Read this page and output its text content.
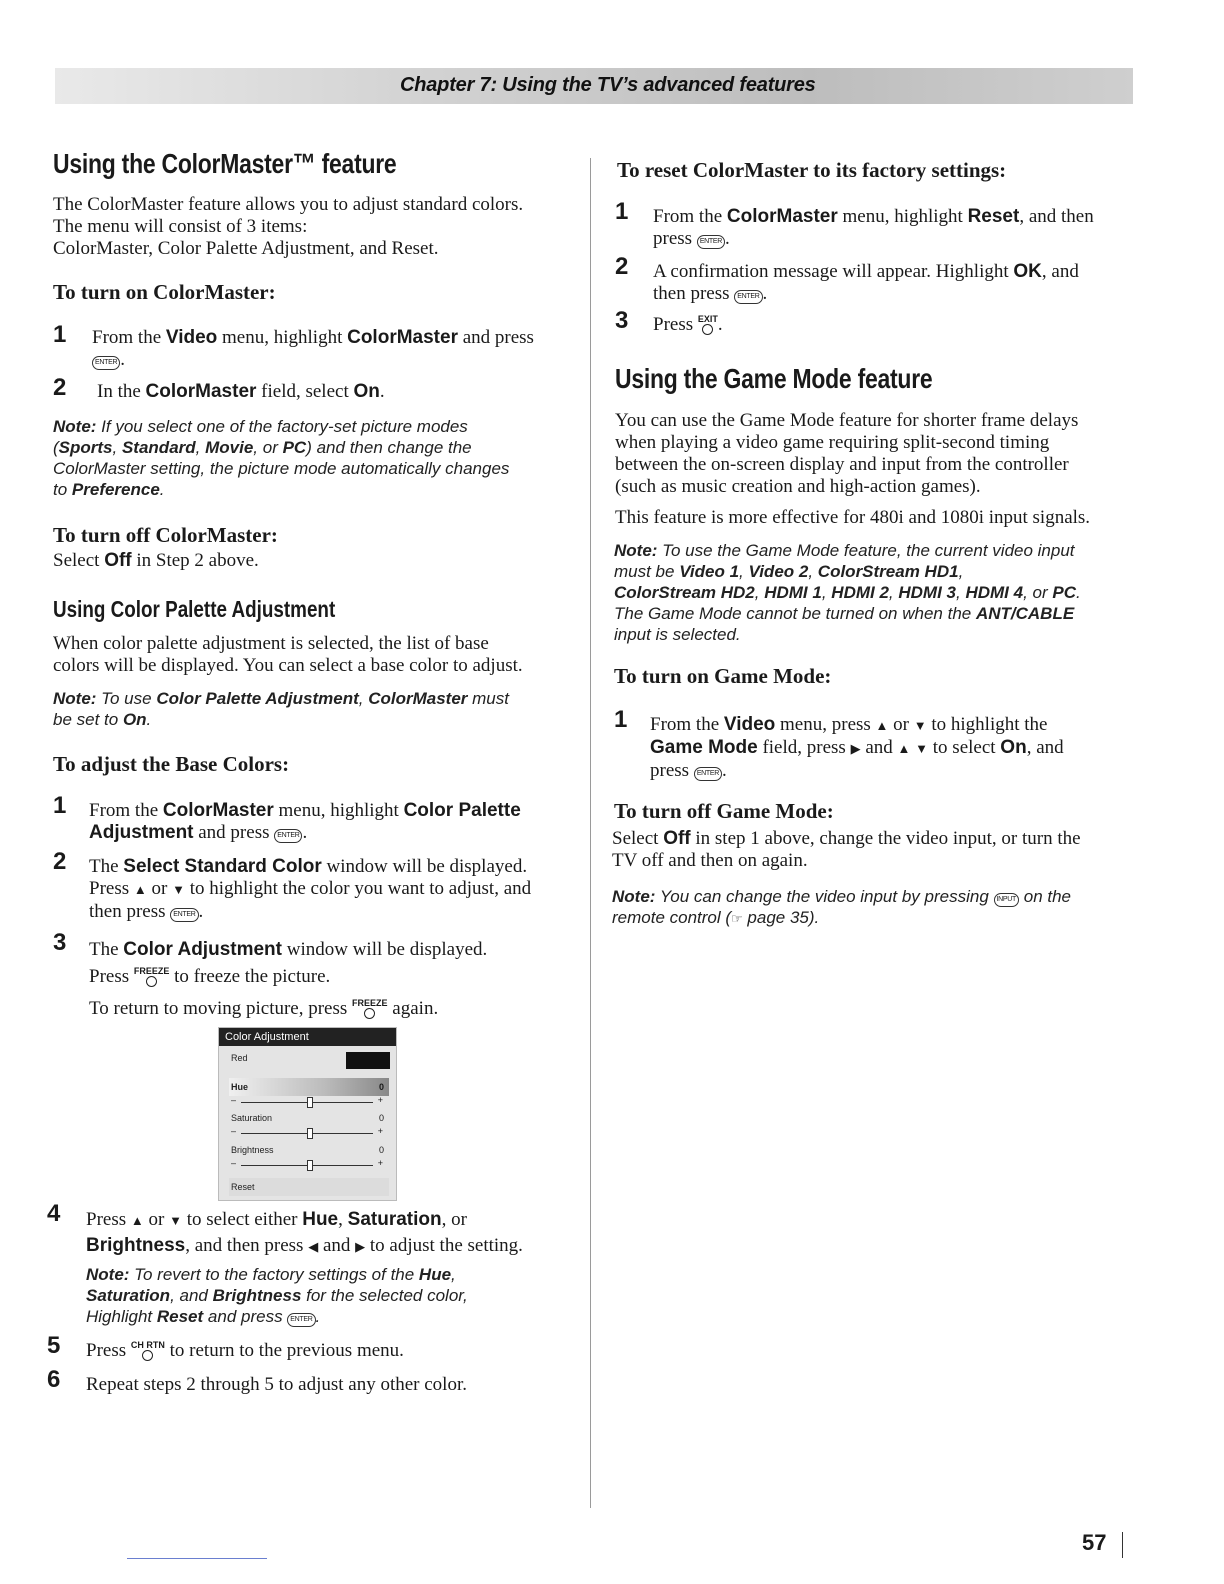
Chapter 7: Using the TV’s advanced features
Using the ColorMaster™ feature

The ColorMaster feature allows you to adjust standard colors.
The menu will consist of 3 items:
ColorMaster, Color Palette Adjustment, and Reset.

To turn on ColorMaster:
1 From the Video menu, highlight ColorMaster and press
ENTER .

2 In the ColorMaster field, select On.

Note: If you select one of the factory-set picture modes
(Sports, Standard, Movie, or PC) and then change the
ColorMaster setting, the picture mode automatically changes
to Preference.

To turn off ColorMaster:

Select Off in Step 2 above.

Using Color Palette Adjustment

When color palette adjustment is selected, the list of base
colors will be displayed. You can select a base color to adjust.

Note: To use Color Palette Adjustment, ColorMaster must
be set to On.

To adjust the Base Colors:
1 From the ColorMaster menu, highlight Color Palette
Adjustment and press ENTER .

2 The Select Standard Color window will be displayed.
Press ▲ or ▼ to highlight the color you want to adjust, and
then press ENTER .

3 The Color Adjustment window will be displayed.
Press FREEZE
to freeze the picture.
To return to moving picture, press FREEZE
again.

Color Adjustment
Red
Hue	0
–	+
Saturation	0
–	+
Brightness	0
–	+
Reset
4 Press ▲ or ▼ to select either Hue, Saturation, or
Brightness, and then press ◀ and ▶ to adjust the setting.

Note: To revert to the factory settings of the Hue,
Saturation, and Brightness for the selected color,
Highlight Reset and press ENTER .

5 Press CH RTN
to return to the previous menu.

6 Repeat steps 2 through 5 to adjust any other color.

To reset ColorMaster to its factory settings:
1 From the ColorMaster menu, highlight Reset, and then
press ENTER .

2 A confirmation message will appear. Highlight OK, and
then press ENTER .

3 Press EXIT
.

Using the Game Mode feature

You can use the Game Mode feature for shorter frame delays
when playing a video game requiring split-second timing
between the on-screen display and input from the controller
(such as music creation and high-action games).

This feature is more effective for 480i and 1080i input signals.

Note: To use the Game Mode feature, the current video input
must be Video 1, Video 2, ColorStream HD1,
ColorStream HD2, HDMI 1, HDMI 2, HDMI 3, HDMI 4, or PC.
The Game Mode cannot be turned on when the ANT/CABLE
input is selected.

To turn on Game Mode:
1 From the Video menu, press ▲ or ▼ to highlight the
Game Mode field, press ▶ and ▲ ▼ to select On, and
press ENTER .

To turn off Game Mode:

Select Off in step 1 above, change the video input, or turn the
TV off and then on again.

Note: You can change the video input by pressing INPUT on the
remote control (☞ page 35).

57
